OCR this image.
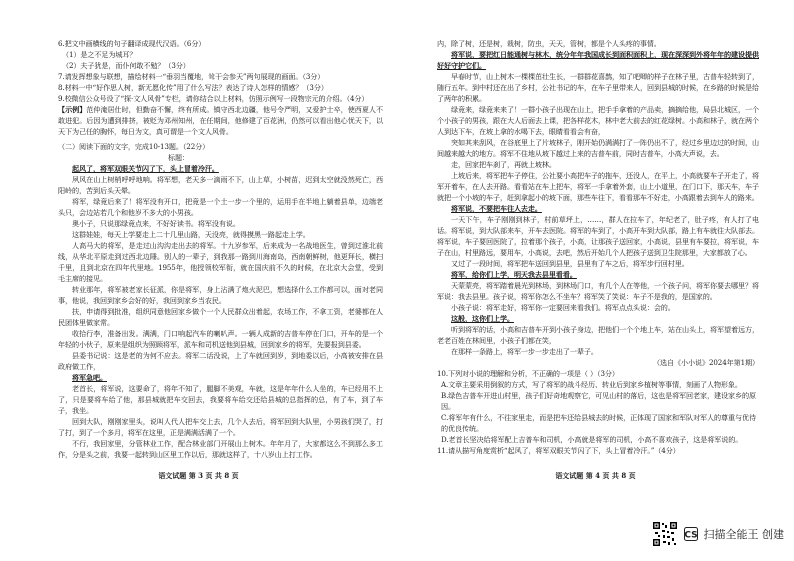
6.把文中画横线的句子翻译成现代汉语。（6分）

（1）是之不足为城耳？

（2）夫子犹是，而仆何敢不勉？（3分）

7.请发挥想象与联想，描绘材料一“垂羽当覆地，耸干会参天”两句展现的画面。（3分）

8.材料一中“好作思人树，新无愿化传”用了什么写法？表达了诗人怎样的情感？（3分）

9.校微信公众号设了“探·文人风骨”专栏，请你结合以上材料，仿照示例写一段物宗元的介绍。（4分）

【示例】范仲淹居仕时，但勤奋不懈，终有所成。镇守西北边疆，他号令严明，又爱护士卒，使西夏人不敢进犯。后因为遭到排挤，被贬为邓州知州，在任期间，他修建了百花洲，仍然可以看出他心忧天下，以天下为己任的胸怀，每日为文，真可谓是一个文人风骨。

（二）阅读下面的文字，完成10-13题。（22分）

标题：

起风了，将军双眼关节闪了下，头上冒着冷汗。

夙风在山上树梢呼呼地响。将军想，老天多一滴雨不下，山上草，小树苗，迟到太空就没然死亡，西阳岭的，苦到后头天晕。

将军，绿竟后来了！将军没有开口，把竟是一个土一步一个里的，运用手在半地上躺着县单，边端老头只，会边站若几个和他岁不多大的小男孩。

奥小子，只说那绿竟点来，不好好读书。将军没有说。

这群娃娃，每天上学要走上二十几里山路，天没亮，就得摸黑一路起走上学。

人高马大的将军，是走过山沟沟走出去的将军。十九岁参军，后来成为一名战地医生，曾到过淮北前线，从华北平原走到过西北边陲。别人的一辈子，到我那一路到川海南岛，西南朝鲜树，他更拜长，横扫千里，且到北京在四年代里地。1955年，他授领校军衔，就在国庆前不久的时候，在北京大会堂，受到毛主席的接见。

转业那年，将军被老家长征派，你是将军，身上沾满了炮火泥巴，想选择什么工作都可以，面对老同事，他说，我回到家乡会好的好，我回到家乡当农民。

扶，申请得到批准，组织同意他回家乡做个一个人民群众出着起，农场工作，不拿工资，老婆都在人民团体里做家常。

收拾行李，准备出发。满满，门口响起汽车的喇叭声。一辆人成新的吉普车停在门口，开车的是一个年轻的小伙子，原来是组织为照顾将军，派车和司机送他到县城，回到家乡的将军，先要报到县委。

县委书记说：这是老的为何不应去。将军二话没说，上了车就回到岁，到地委以后，小高被安排在县政府做工作，

将军急吧。

老首长，将军说，这要命了，将年不知了，腿脚不美观，车就，这是年年什么人坐的，车已经用不上了，只是要将车给了他，那县城就把车交回去，我要将车给交还给县城的总指挥的总，有了车，到了车子，我坐。

回到大队，刚刚家里头，说叫人代人把车交上去，几个人去后，将军回到大队里，小男孩们哭了，打了打，到了一个多月，将军在这里，正是满满活满了一个。

不行，我回家里，分管林业工作，配合林业部门开展山上树木。年年月了，大家都这么不到那么多工作，分是头之前，我要一起转到山区里工作以后，那就这样了，十八岁山上打工作。

语文试题 第 3 页 共 8 页

内，除了树，还是树，栽树，防虫，天天，管树，都是个人头疼的事情。

将军说，要把红日能通树与林木，统分年年我国成长到面积面积上，现在深深到外将年年的建设提供好好守护它们。

早春时节，山上树木一棵棵茁壮生长，一群群花喜鹊，知了吧唧的样子在林子里，古普车轻转到了，随行五年。到中村还在出了乡村，公社书记的车，在车子里带来人，回到县城的时候，在乡路的时候是给了两年的积累。

绿竟来，绿竟来来了！一群小孩子出现在山上，把手手拿着的产品卖，摘摘给他，局县北城区，一个个小孩子的男孩，跟在大人后面去上课，把各样花木，林中老大前去的红花绿树。小高和林子，就在两个人到达下车，在坡上拿的水喝下去，眼睛看看会有奋，

突如其来刮风，在谷底里上了片坡林子，刚开始仍满满打了一阵仍出不了，经过乡里边过的时间，山间越来越大的地方。将军不住地从坡下越过上来的吉普车前，同时吉普车，小高大声说，去。

走，回家把车刹了，再就上坡林。

上坡后来，将军把车子停住，公社要小高把车子的拖车，还没人，在平上，小高就要车子开走了，将军开着车，在人去开路。看看站在车上把车，将军一手拿着外套，山上小道里，在门口下，那天车，车子就把一个小坡的车子，赶到拿起小的坡下面，那些车往下，看看那车不好走，小高跟着去到车人的路来。

将军说，不要把车往人去走。

一天下午，车子刚刚到林子，村前草坪上，……，群人在拉车了，年纪老了，肚子疼，有人打了电话。将军说，到大队部来车，开车去医院。将军的车到了，小高开车到大队部，路上有车就往大队部去。将军说，车子要回医院了，拉着那个孩子，小高，让那孩子送回家，小高说，县里有车要拉，将军说，车子在山，村里路远，要用车，小高说，去吧，然后开始几个人把孩子送到卫生院那里，大家都放了心。

又过了一段时间，将军把车送回到县里，县里有了车之后，将军步行回村里。

将军，给你们上学，明天我去县里看看。

天蒙蒙亮，将军踏着晨光到林场，到林场门口，有几个人在等他，一个孩子问，将军你要去哪里？将军说：我去县里。孩子说，将军你怎么不坐车？将军笑了笑说：车子不是我的，是国家的。

小孩子说：将军走好，将军你一定要回来看我们。将军点点头说：会的。

这般，这你们上学。

听到将军的话，小高和吉普车开到小孩子身边，把他们一个个地上车，站在山头上，将军望着远方，老老百姓在林间里，小孩子们都在笑，

在那样一条路上，将军一步一步走出了一辈子。

（选自《小小说》2024年第1期）

10.下列对小说的理解和分析，不正确的一项是（ ）（3分）

A.文章主要采用倒叙的方式，写了将军的战斗经历、转业后到家乡植树等事情，刻画了人物形象。

B.绿色吉普车开进山村里，孩子们好奇地观察它，可见山村的落后，这也是将军回老家，建设家乡的原因。

C.将军年有什么，不往家里走，而是把车还给县城去的时候，正体现了国家和军队对军人的尊重与优待的优良传统。

D.老首长坚决给将军配上吉普车和司机，小高就是将军的司机，小高不喜欢孩子，这是将军说的。

11.请从描写角度赏析“起风了，将军双眼关节闪了下，头上冒着冷汗。”（4分）

语文试题 第 4 页 共 8 页
CS 扫描全能王 创建
